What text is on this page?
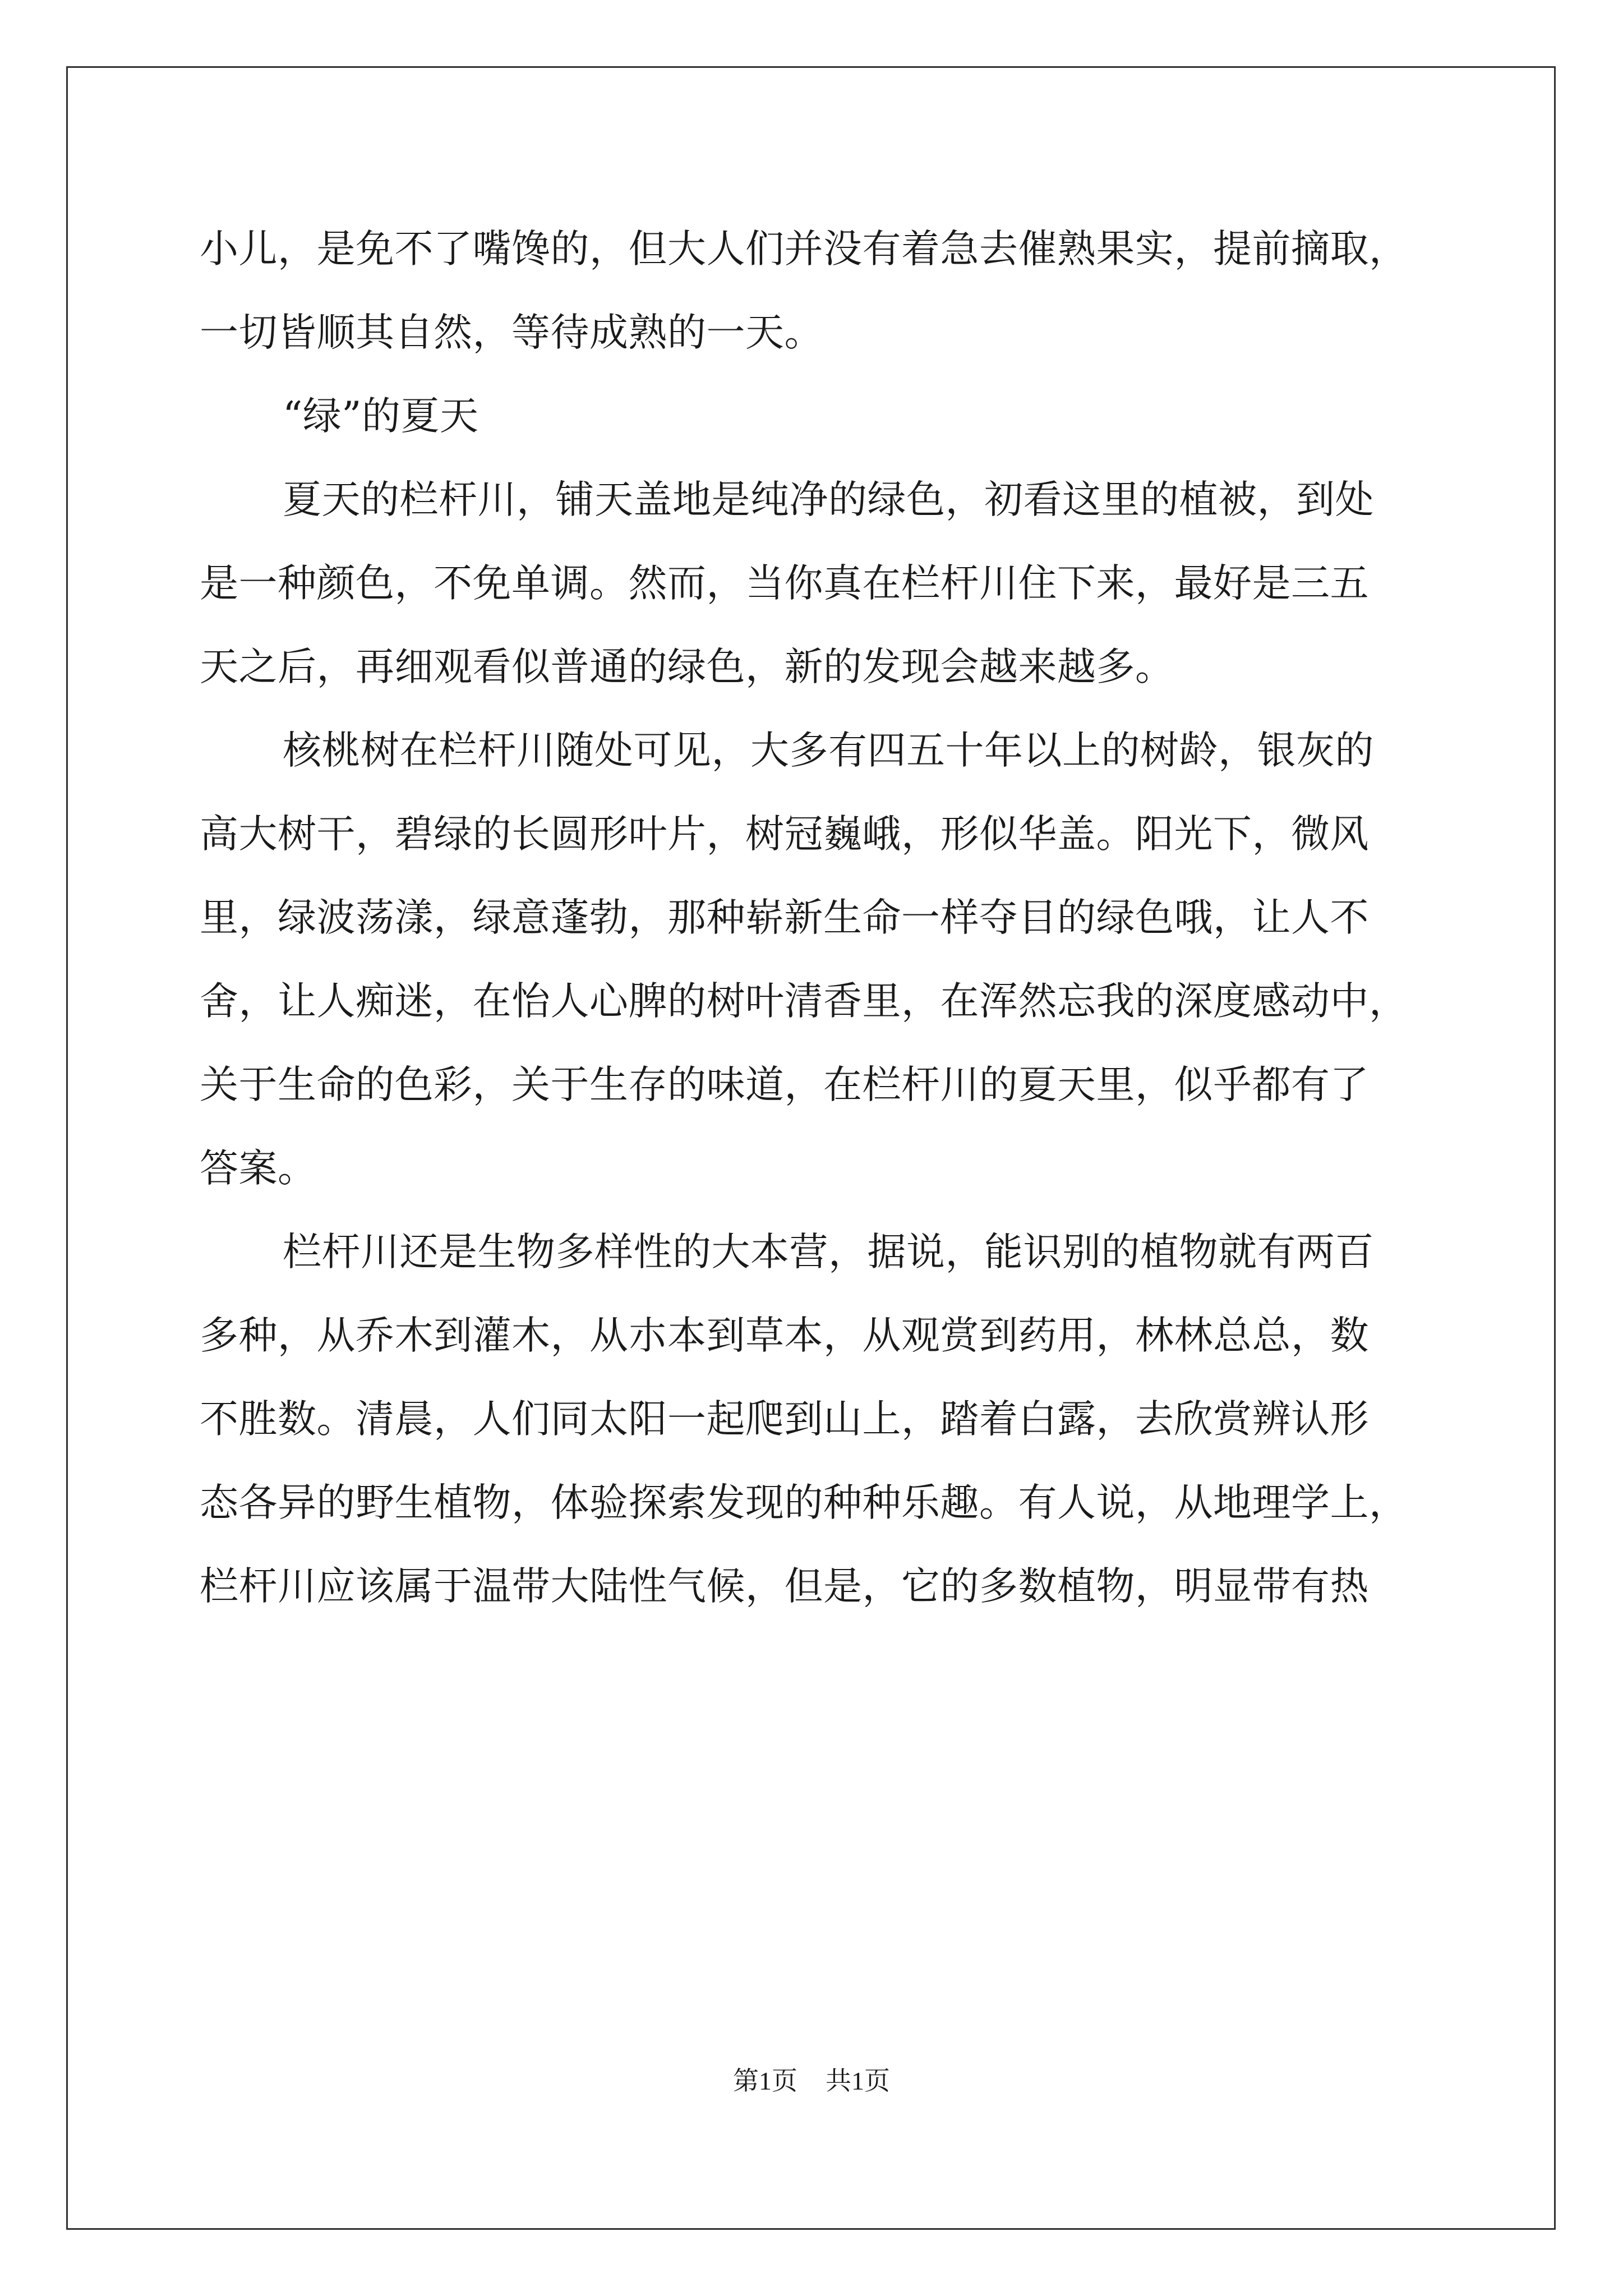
小儿，是免不了嘴馋的，但大人们并没有着急去催熟果实，提前摘取，
一切皆顺其自然，等待成熟的一天。
“绿”的夏天
夏天的栏杆川，铺天盖地是纯净的绿色，初看这里的植被，到处
是一种颜色，不免单调。然而，当你真在栏杆川住下来，最好是三五
天之后，再细观看似普通的绿色，新的发现会越来越多。
核桃树在栏杆川随处可见，大多有四五十年以上的树龄，银灰的
高大树干，碧绿的长圆形叶片，树冠巍峨，形似华盖。阳光下，微风
里，绿波荡漾，绿意蓬勃，那种崭新生命一样夺目的绿色哦，让人不
舍，让人痴迷，在怡人心脾的树叶清香里，在浑然忘我的深度感动中，
关于生命的色彩，关于生存的味道，在栏杆川的夏天里，似乎都有了
答案。
栏杆川还是生物多样性的大本营，据说，能识别的植物就有两百
多种，从乔木到灌木，从朩本到草本，从观赏到药用，林林总总，数
不胜数。清晨，人们同太阳一起爬到山上，踏着白露，去欣赏辨认形
态各异的野生植物，体验探索发现的种种乐趣。有人说，从地理学上，
栏杆川应该属于温带大陆性气候，但是，它的多数植物，明显带有热
第1页 共1页
